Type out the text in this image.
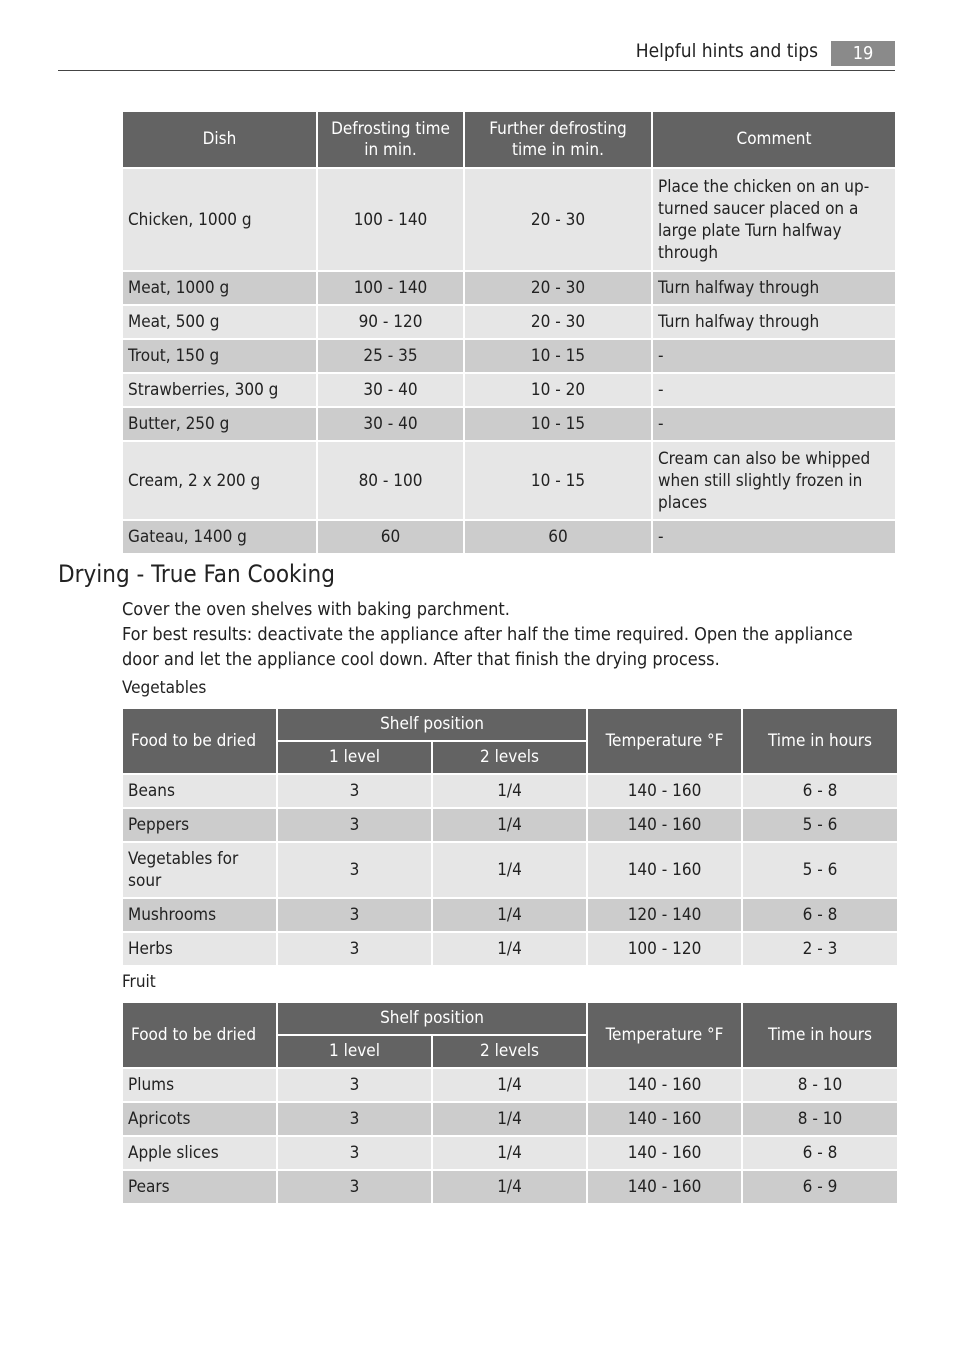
Helpful hints and tips	19
Dish	Defrosting time in min.	Further defrosting time in min.	Comment
Chicken, 1000 g	100 - 140	20 - 30	Place the chicken on an up-turned saucer placed on a large plate Turn halfway through
Meat, 1000 g	100 - 140	20 - 30	Turn halfway through
Meat, 500 g	90 - 120	20 - 30	Turn halfway through
Trout, 150 g	25 - 35	10 - 15	-
Strawberries, 300 g	30 - 40	10 - 20	-
Butter, 250 g	30 - 40	10 - 15	-
Cream, 2 x 200 g	80 - 100	10 - 15	Cream can also be whipped when still slightly frozen in places
Gateau, 1400 g	60	60	-
Drying - True Fan Cooking
Cover the oven shelves with baking parchment.
For best results: deactivate the appliance after half the time required. Open the appliance door and let the appliance cool down. After that finish the drying process.
Vegetables
Food to be dried	Shelf position		Temperature °F	Time in hours
	1 level	2 levels		
Beans	3	1/4	140 - 160	6 - 8
Peppers	3	1/4	140 - 160	5 - 6
Vegetables for sour	3	1/4	140 - 160	5 - 6
Mushrooms	3	1/4	120 - 140	6 - 8
Herbs	3	1/4	100 - 120	2 - 3
Fruit
Food to be dried	Shelf position		Temperature °F	Time in hours
	1 level	2 levels		
Plums	3	1/4	140 - 160	8 - 10
Apricots	3	1/4	140 - 160	8 - 10
Apple slices	3	1/4	140 - 160	6 - 8
Pears	3	1/4	140 - 160	6 - 9
